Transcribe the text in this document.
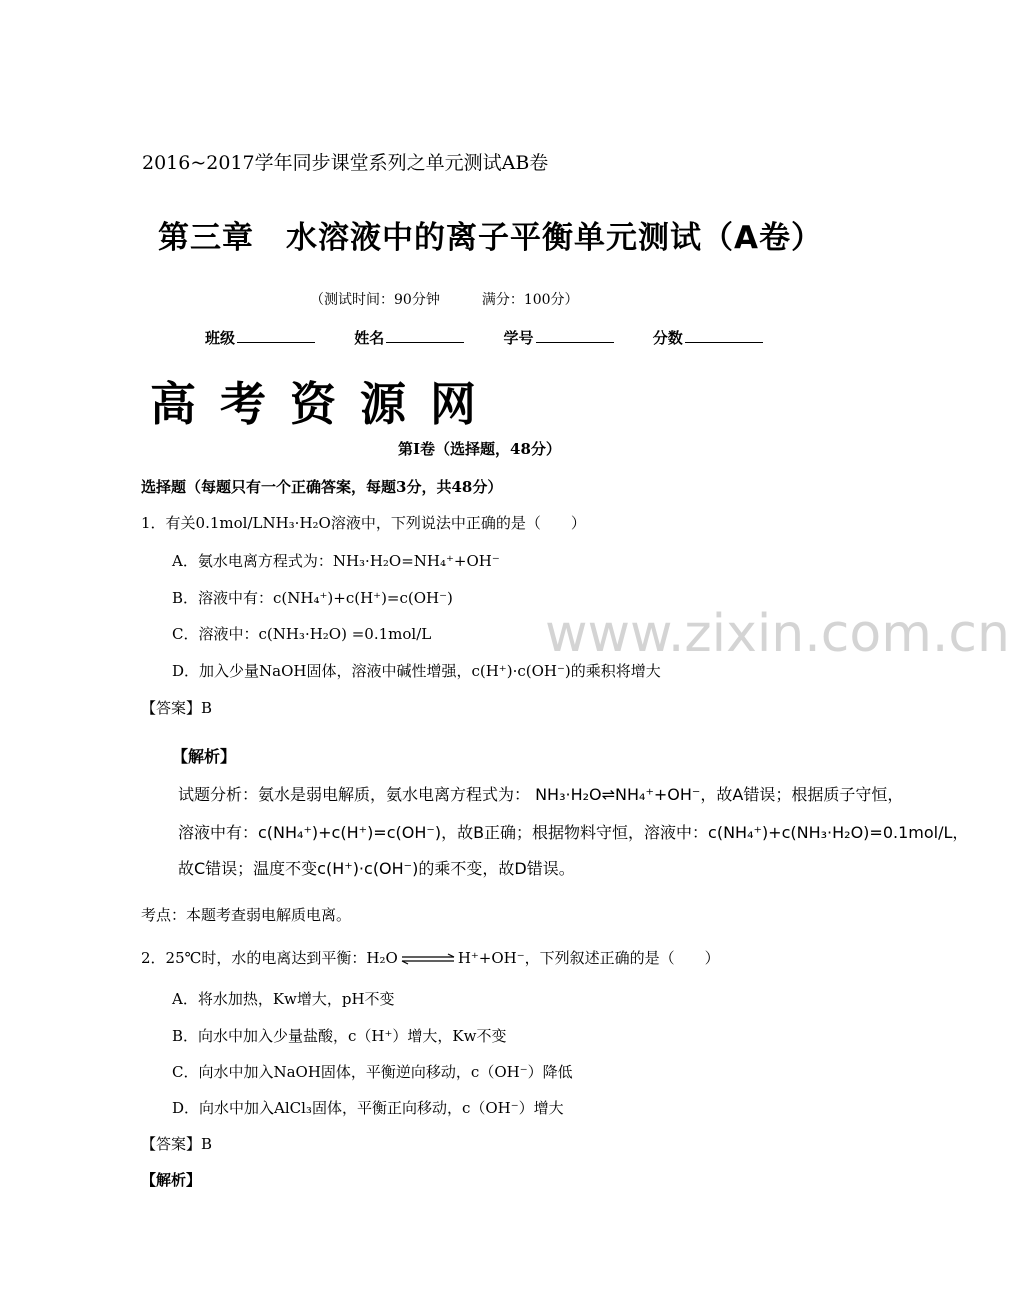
2016~2017学年同步课堂系列之单元测试AB卷
第三章　水溶液中的离子平衡单元测试（A卷）
（测试时间：90分钟	满分：100分）
班级	姓名	学号	分数
高考资源网
第Ⅰ卷（选择题，48分）
选择题（每题只有一个正确答案，每题3分，共48分）
1．有关0.1mol/LNH₃·H₂O溶液中，下列说法中正确的是（　　）
A．氨水电离方程式为：NH₃·H₂O=NH₄⁺+OH⁻
B．溶液中有：c(NH₄⁺)+c(H⁺)=c(OH⁻)
C．溶液中：c(NH₃·H₂O) =0.1mol/L
D．加入少量NaOH固体，溶液中碱性增强，c(H⁺)·c(OH⁻)的乘积将增大
【答案】B
【解析】
试题分析：氨水是弱电解质，氨水电离方程式为： NH₃·H₂O⇌NH₄⁺+OH⁻，故A错误；根据质子守恒，
溶液中有：c(NH₄⁺)+c(H⁺)=c(OH⁻)，故B正确；根据物料守恒，溶液中：c(NH₄⁺)+c(NH₃·H₂O)=0.1mol/L，
故C错误；温度不变c(H⁺)·c(OH⁻)的乘不变，故D错误。
考点：本题考查弱电解质电离。
2．25℃时，水的电离达到平衡：H₂O ⇌ H⁺+OH⁻，下列叙述正确的是（　　）
A．将水加热，Kw增大，pH不变
B．向水中加入少量盐酸，c（H⁺）增大，Kw不变
C．向水中加入NaOH固体，平衡逆向移动，c（OH⁻）降低
D．向水中加入AlCl₃固体，平衡正向移动，c（OH⁻）增大
【答案】B
【解析】
www.zixin.com.cn
